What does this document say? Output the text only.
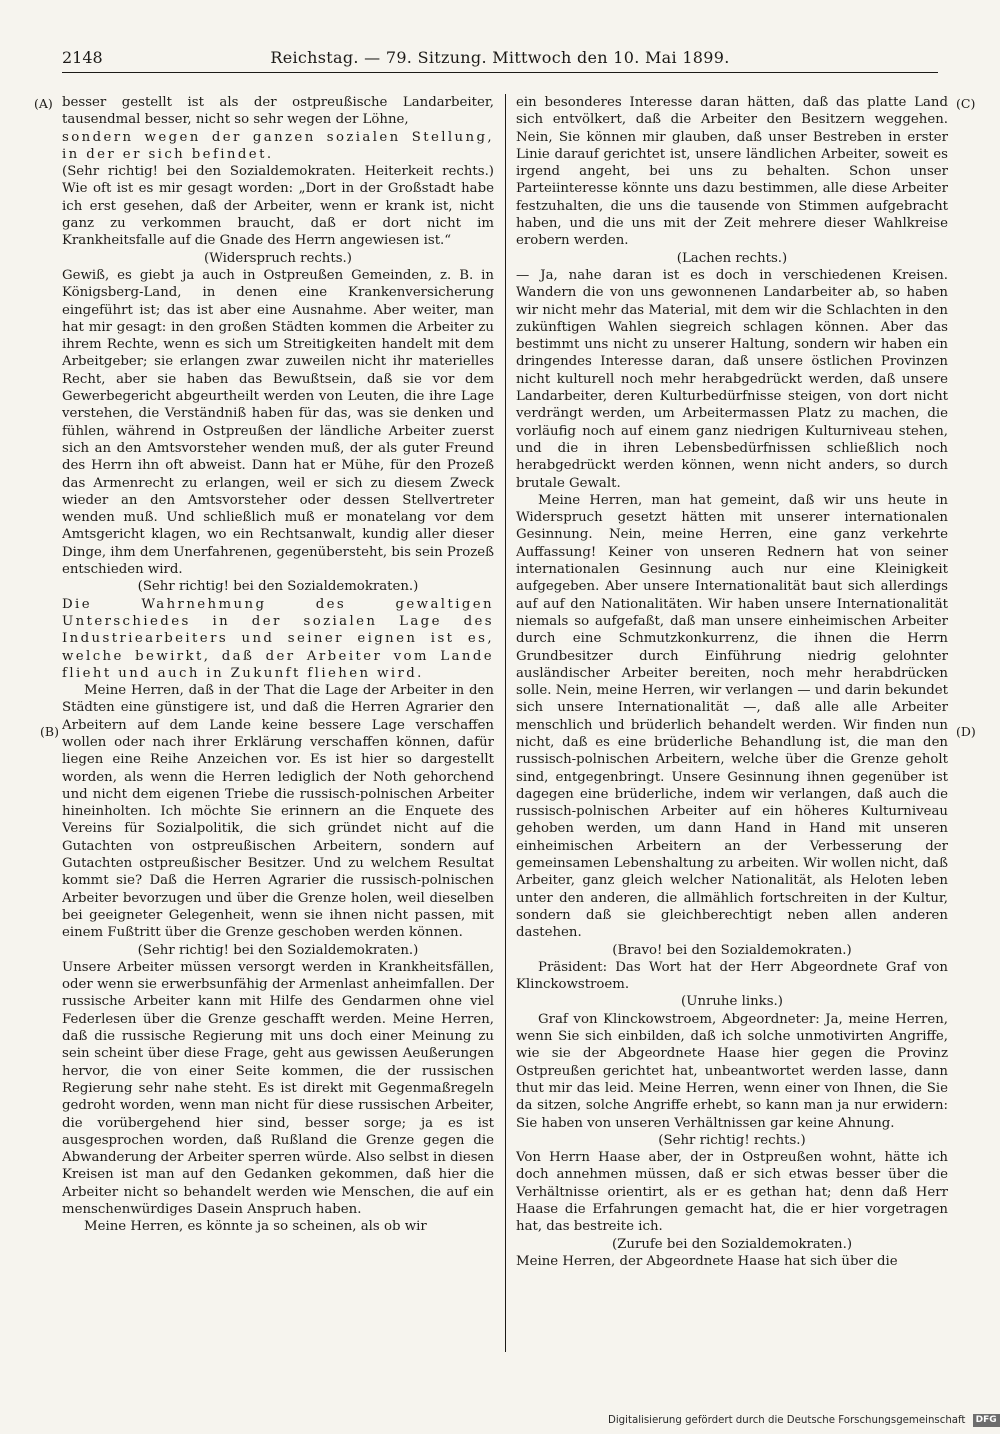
2148	Reichstag. — 79. Sitzung. Mittwoch den 10. Mai 1899.
(A)
(B)
(C)
(D)

besser gestellt ist als der ostpreußische Landarbeiter, tausendmal besser, nicht so sehr wegen der Löhne,

sondern wegen der ganzen sozialen Stellung, in der er sich befindet.

(Sehr richtig! bei den Sozialdemokraten. Heiterkeit rechts.) Wie oft ist es mir gesagt worden: „Dort in der Großstadt habe ich erst gesehen, daß der Arbeiter, wenn er krank ist, nicht ganz zu verkommen braucht, daß er dort nicht im Krankheitsfalle auf die Gnade des Herrn angewiesen ist.“

(Widerspruch rechts.)

Gewiß, es giebt ja auch in Ostpreußen Gemeinden, z. B. in Königsberg-Land, in denen eine Krankenversicherung eingeführt ist; das ist aber eine Ausnahme. Aber weiter, man hat mir gesagt: in den großen Städten kommen die Arbeiter zu ihrem Rechte, wenn es sich um Streitigkeiten handelt mit dem Arbeitgeber; sie erlangen zwar zuweilen nicht ihr materielles Recht, aber sie haben das Bewußtsein, daß sie vor dem Gewerbegericht abgeurtheilt werden von Leuten, die ihre Lage verstehen, die Verständniß haben für das, was sie denken und fühlen, während in Ostpreußen der ländliche Arbeiter zuerst sich an den Amtsvorsteher wenden muß, der als guter Freund des Herrn ihn oft abweist. Dann hat er Mühe, für den Prozeß das Armenrecht zu erlangen, weil er sich zu diesem Zweck wieder an den Amtsvorsteher oder dessen Stellvertreter wenden muß. Und schließlich muß er monatelang vor dem Amtsgericht klagen, wo ein Rechtsanwalt, kundig aller dieser Dinge, ihm dem Unerfahrenen, gegenübersteht, bis sein Prozeß entschieden wird.

(Sehr richtig! bei den Sozialdemokraten.)

Die Wahrnehmung des gewaltigen Unterschiedes in der sozialen Lage des Industriearbeiters und seiner eignen ist es, welche bewirkt, daß der Arbeiter vom Lande flieht und auch in Zukunft fliehen wird.

Meine Herren, daß in der That die Lage der Arbeiter in den Städten eine günstigere ist, und daß die Herren Agrarier den Arbeitern auf dem Lande keine bessere Lage verschaffen wollen oder nach ihrer Erklärung verschaffen können, dafür liegen eine Reihe Anzeichen vor. Es ist hier so dargestellt worden, als wenn die Herren lediglich der Noth gehorchend und nicht dem eigenen Triebe die russisch-polnischen Arbeiter hineinholten. Ich möchte Sie erinnern an die Enquete des Vereins für Sozialpolitik, die sich gründet nicht auf die Gutachten von ostpreußischen Arbeitern, sondern auf Gutachten ostpreußischer Besitzer. Und zu welchem Resultat kommt sie? Daß die Herren Agrarier die russisch-polnischen Arbeiter bevorzugen und über die Grenze holen, weil dieselben bei geeigneter Gelegenheit, wenn sie ihnen nicht passen, mit einem Fußtritt über die Grenze geschoben werden können.

(Sehr richtig! bei den Sozialdemokraten.)

Unsere Arbeiter müssen versorgt werden in Krankheitsfällen, oder wenn sie erwerbsunfähig der Armenlast anheimfallen. Der russische Arbeiter kann mit Hilfe des Gendarmen ohne viel Federlesen über die Grenze geschafft werden. Meine Herren, daß die russische Regierung mit uns doch einer Meinung zu sein scheint über diese Frage, geht aus gewissen Aeußerungen hervor, die von einer Seite kommen, die der russischen Regierung sehr nahe steht. Es ist direkt mit Gegenmaßregeln gedroht worden, wenn man nicht für diese russischen Arbeiter, die vorübergehend hier sind, besser sorge; ja es ist ausgesprochen worden, daß Rußland die Grenze gegen die Abwanderung der Arbeiter sperren würde. Also selbst in diesen Kreisen ist man auf den Gedanken gekommen, daß hier die Arbeiter nicht so behandelt werden wie Menschen, die auf ein menschenwürdiges Dasein Anspruch haben.

Meine Herren, es könnte ja so scheinen, als ob wir

ein besonderes Interesse daran hätten, daß das platte Land sich entvölkert, daß die Arbeiter den Besitzern weggehen. Nein, Sie können mir glauben, daß unser Bestreben in erster Linie darauf gerichtet ist, unsere ländlichen Arbeiter, soweit es irgend angeht, bei uns zu behalten. Schon unser Parteiinteresse könnte uns dazu bestimmen, alle diese Arbeiter festzuhalten, die uns die tausende von Stimmen aufgebracht haben, und die uns mit der Zeit mehrere dieser Wahlkreise erobern werden.

(Lachen rechts.)

— Ja, nahe daran ist es doch in verschiedenen Kreisen. Wandern die von uns gewonnenen Landarbeiter ab, so haben wir nicht mehr das Material, mit dem wir die Schlachten in den zukünftigen Wahlen siegreich schlagen können. Aber das bestimmt uns nicht zu unserer Haltung, sondern wir haben ein dringendes Interesse daran, daß unsere östlichen Provinzen nicht kulturell noch mehr herabgedrückt werden, daß unsere Landarbeiter, deren Kulturbedürfnisse steigen, von dort nicht verdrängt werden, um Arbeitermassen Platz zu machen, die vorläufig noch auf einem ganz niedrigen Kulturniveau stehen, und die in ihren Lebensbedürfnissen schließlich noch herabgedrückt werden können, wenn nicht anders, so durch brutale Gewalt.

Meine Herren, man hat gemeint, daß wir uns heute in Widerspruch gesetzt hätten mit unserer internationalen Gesinnung. Nein, meine Herren, eine ganz verkehrte Auffassung! Keiner von unseren Rednern hat von seiner internationalen Gesinnung auch nur eine Kleinigkeit aufgegeben. Aber unsere Internationalität baut sich allerdings auf auf den Nationalitäten. Wir haben unsere Internationalität niemals so aufgefaßt, daß man unsere einheimischen Arbeiter durch eine Schmutzkonkurrenz, die ihnen die Herrn Grundbesitzer durch Einführung niedrig gelohnter ausländischer Arbeiter bereiten, noch mehr herabdrücken solle. Nein, meine Herren, wir verlangen — und darin bekundet sich unsere Internationalität —, daß alle alle Arbeiter menschlich und brüderlich behandelt werden. Wir finden nun nicht, daß es eine brüderliche Behandlung ist, die man den russisch-polnischen Arbeitern, welche über die Grenze geholt sind, entgegenbringt. Unsere Gesinnung ihnen gegenüber ist dagegen eine brüderliche, indem wir verlangen, daß auch die russisch-polnischen Arbeiter auf ein höheres Kulturniveau gehoben werden, um dann Hand in Hand mit unseren einheimischen Arbeitern an der Verbesserung der gemeinsamen Lebenshaltung zu arbeiten. Wir wollen nicht, daß Arbeiter, ganz gleich welcher Nationalität, als Heloten leben unter den anderen, die allmählich fortschreiten in der Kultur, sondern daß sie gleichberechtigt neben allen anderen dastehen.

(Bravo! bei den Sozialdemokraten.)

Präsident: Das Wort hat der Herr Abgeordnete Graf von Klinckowstroem.

(Unruhe links.)

Graf von Klinckowstroem, Abgeordneter: Ja, meine Herren, wenn Sie sich einbilden, daß ich solche unmotivirten Angriffe, wie sie der Abgeordnete Haase hier gegen die Provinz Ostpreußen gerichtet hat, unbeantwortet werden lasse, dann thut mir das leid. Meine Herren, wenn einer von Ihnen, die Sie da sitzen, solche Angriffe erhebt, so kann man ja nur erwidern: Sie haben von unseren Verhältnissen gar keine Ahnung.

(Sehr richtig! rechts.)

Von Herrn Haase aber, der in Ostpreußen wohnt, hätte ich doch annehmen müssen, daß er sich etwas besser über die Verhältnisse orientirt, als er es gethan hat; denn daß Herr Haase die Erfahrungen gemacht hat, die er hier vorgetragen hat, das bestreite ich.

(Zurufe bei den Sozialdemokraten.)

Meine Herren, der Abgeordnete Haase hat sich über die

Digitalisierung gefördert durch die Deutsche Forschungsgemeinschaft DFG
